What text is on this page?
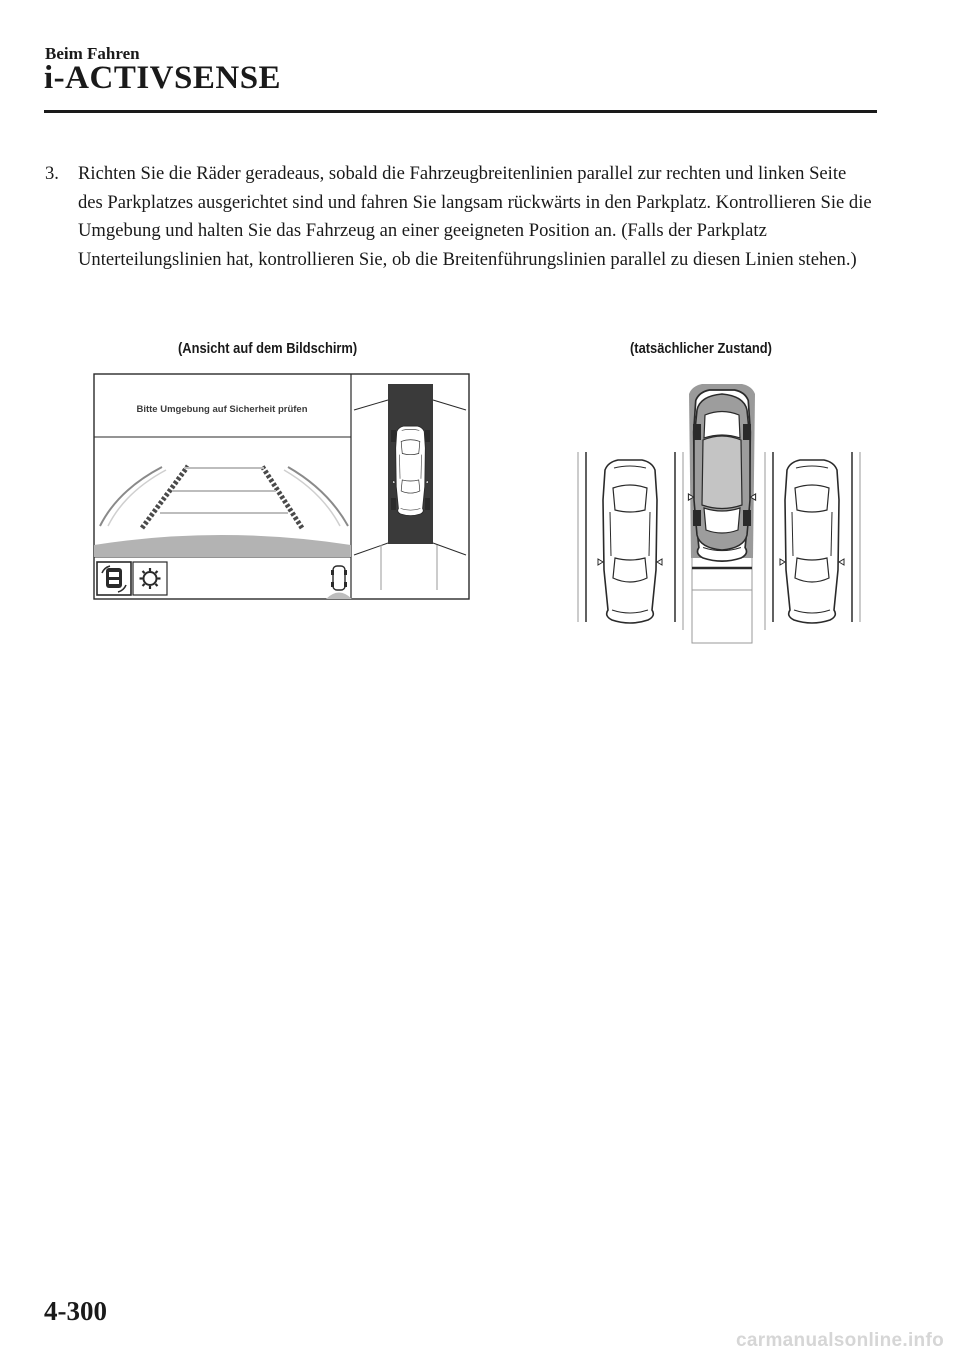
Beim Fahren
i-ACTIVSENSE
3. Richten Sie die Räder geradeaus, sobald die Fahrzeugbreitenlinien parallel zur rechten und linken Seite des Parkplatzes ausgerichtet sind und fahren Sie langsam rückwärts in den Parkplatz. Kontrollieren Sie die Umgebung und halten Sie das Fahrzeug an einer geeigneten Position an. (Falls der Parkplatz Unterteilungslinien hat, kontrollieren Sie, ob die Breitenführungslinien parallel zu diesen Linien stehen.)
(Ansicht auf dem Bildschirm)	(tatsächlicher Zustand)
Bitte Umgebung auf Sicherheit prüfen
4-300
carmanualsonline.info
